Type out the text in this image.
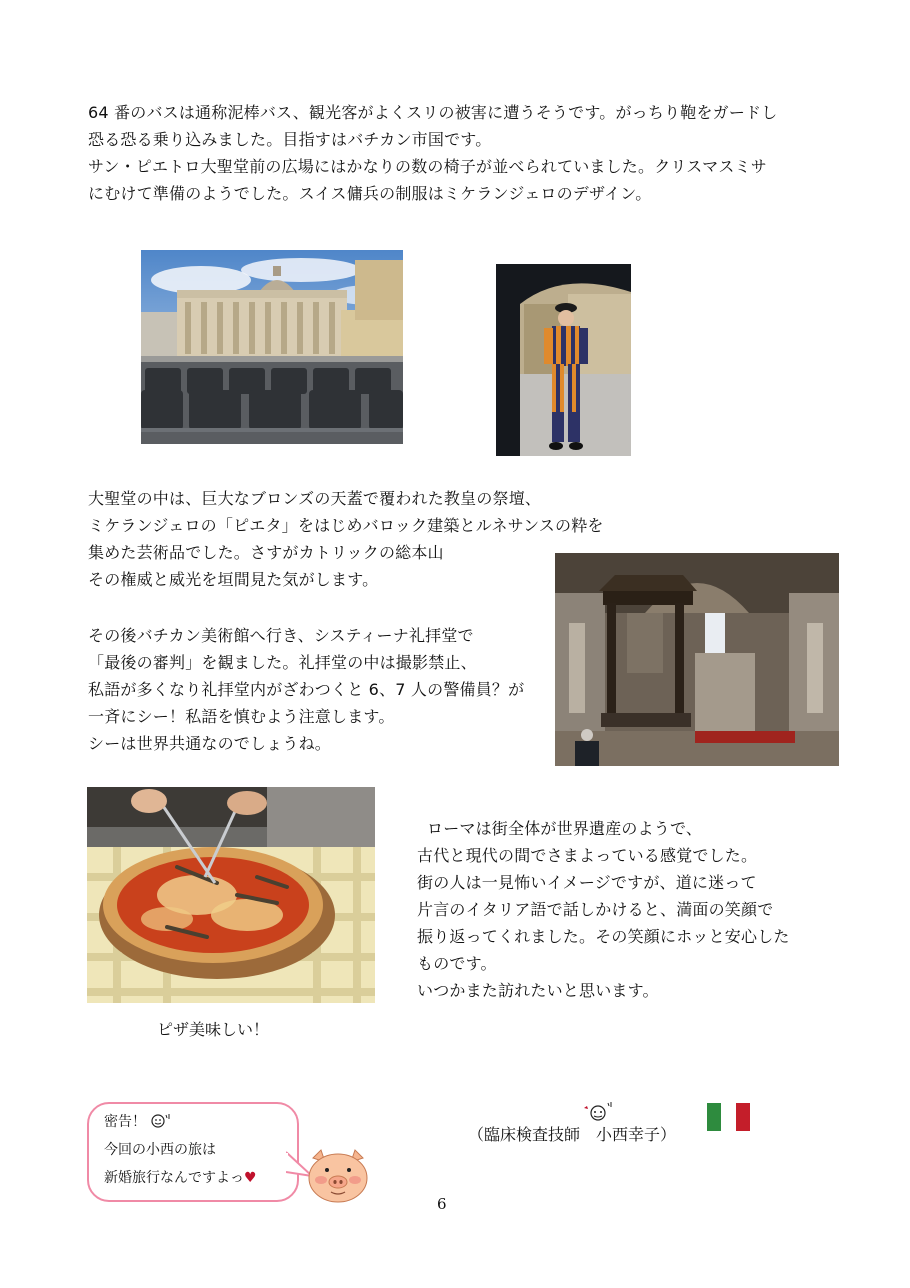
64 番のバスは通称泥棒バス、観光客がよくスリの被害に遭うそうです。がっちり鞄をガードし
恐る恐る乗り込みました。目指すはバチカン市国です。
サン・ピエトロ大聖堂前の広場にはかなりの数の椅子が並べられていました。クリスマスミサ
にむけて準備のようでした。スイス傭兵の制服はミケランジェロのデザイン。
大聖堂の中は、巨大なブロンズの天蓋で覆われた教皇の祭壇、
ミケランジェロの「ピエタ」をはじめバロック建築とルネサンスの粋を
集めた芸術品でした。さすがカトリックの総本山
その権威と威光を垣間見た気がします。
その後バチカン美術館へ行き、システィーナ礼拝堂で
「最後の審判」を観ました。礼拝堂の中は撮影禁止、
私語が多くなり礼拝堂内がざわつくと 6、7 人の警備員？が
一斉にシー！私語を慎むよう注意します。
シーは世界共通なのでしょうね。
ピザ美味しい！
ローマは街全体が世界遺産のようで、
古代と現代の間でさまよっている感覚でした。
街の人は一見怖いイメージですが、道に迷って
片言のイタリア語で話しかけると、満面の笑顔で
振り返ってくれました。その笑顔にホッと安心した
ものです。
いつかまた訪れたいと思います。
密告！
今回の小西の旅は
新婚旅行なんですよっ♥
（臨床検査技師　小西幸子）
6
